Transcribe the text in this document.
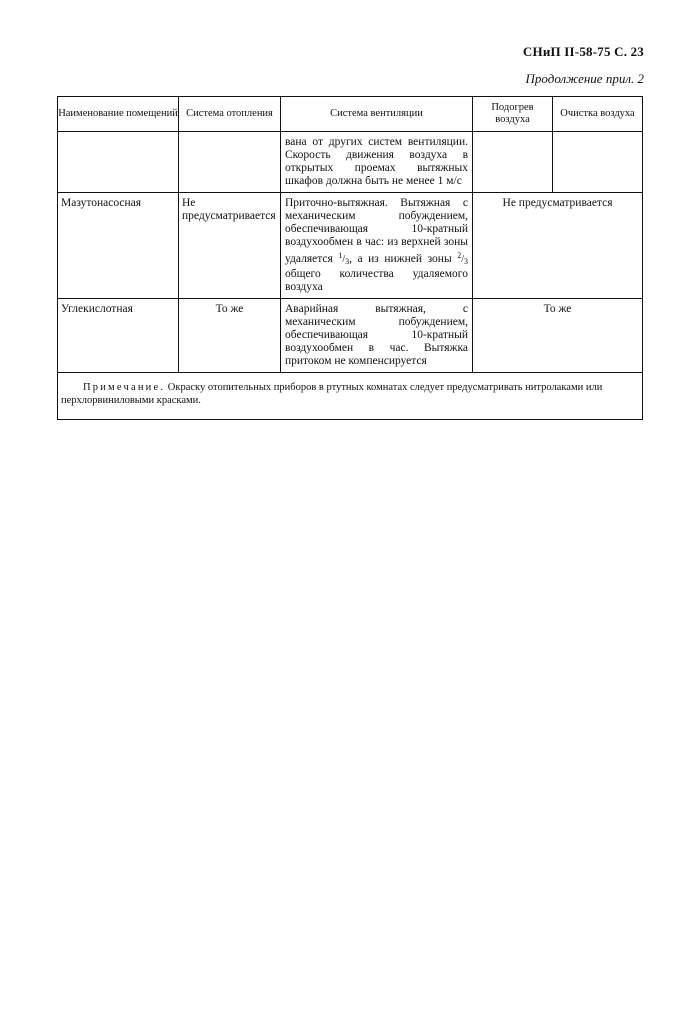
СНиП II-58-75 С. 23
Продолжение прил. 2
Наименование помещений	Система отопления	Система вентиляции	Подогрев воздуха	Очистка воздуха
		вана от других систем вентиляции. Скорость движения воздуха в открытых проемах вытяжных шкафов должна быть не менее 1 м/с		
Мазутонасосная	Не предусматривается	Приточно-вытяжная. Вытяжная с механическим побуждением, обеспечивающая 10-кратный воздухообмен в час: из верхней зоны удаляется $^1/_3$, а из нижней зоны $^2/_3$ общего количества удаляемого воздуха	Не предусматривается	
Углекислотная	То же	Аварийная вытяжная, с механическим побуждением, обеспечивающая 10-кратный воздухообмен в час. Вытяжка притоком не компенсируется	То же	
Примечание. Окраску отопительных приборов в ртутных комнатах следует предусматривать нитролаками или перхлорвиниловыми красками.				
